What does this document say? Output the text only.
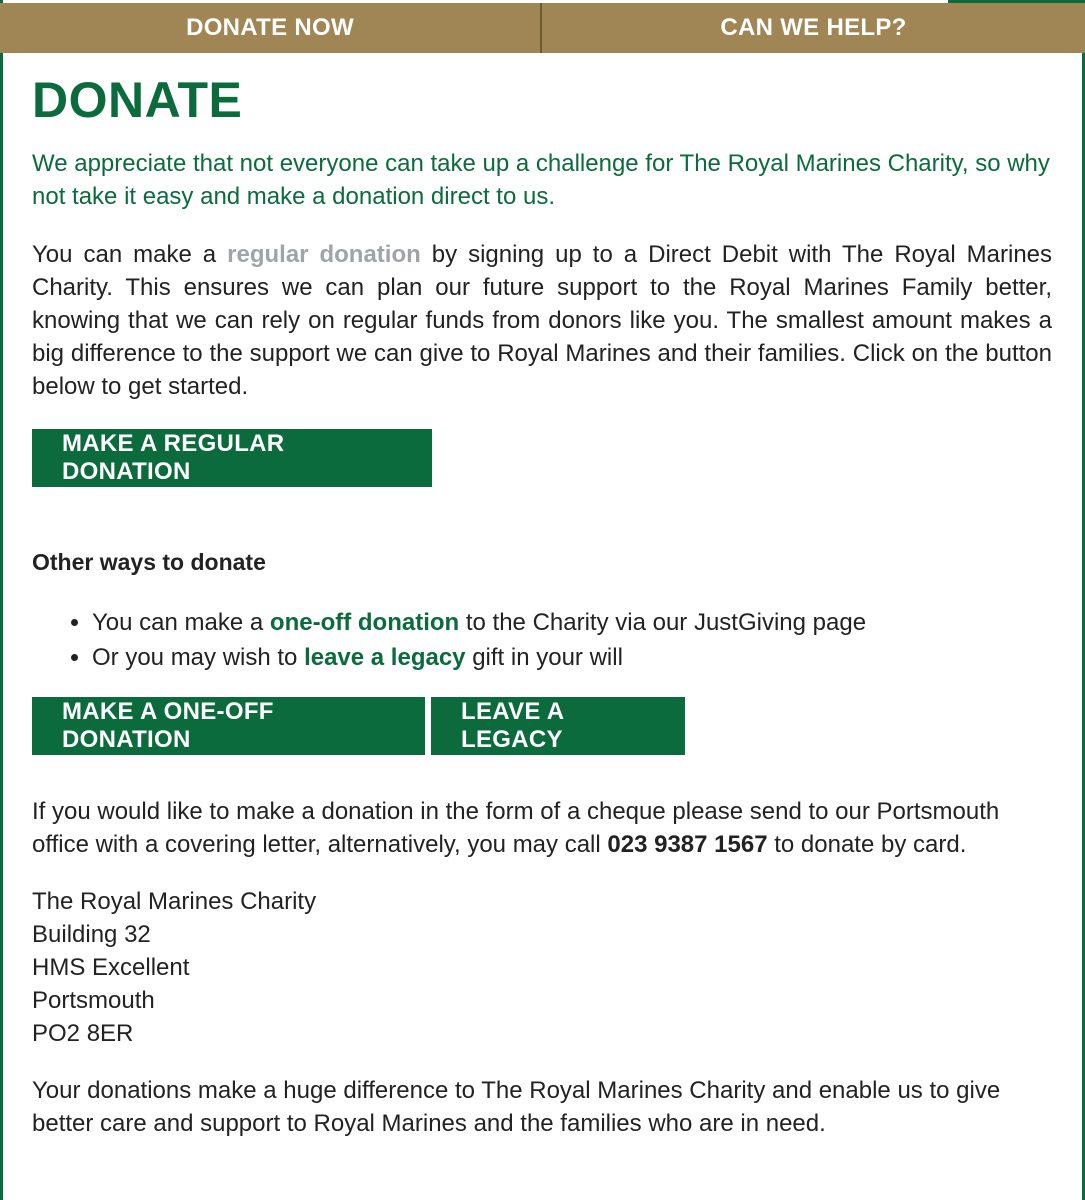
DONATE NOW	CAN WE HELP?
DONATE

We appreciate that not everyone can take up a challenge for The Royal Marines Charity, so why not take it easy and make a donation direct to us.

You can make a regular donation by signing up to a Direct Debit with The Royal Marines Charity. This ensures we can plan our future support to the Royal Marines Family better, knowing that we can rely on regular funds from donors like you. The smallest amount makes a big difference to the support we can give to Royal Marines and their families. Click on the button below to get started.

MAKE A REGULAR DONATION
Other ways to donate
• You can make a one-off donation to the Charity via our JustGiving page
• Or you may wish to leave a legacy gift in your will
MAKE A ONE-OFF DONATION
LEAVE A LEGACY

If you would like to make a donation in the form of a cheque please send to our Portsmouth office with a covering letter, alternatively, you may call 023 9387 1567 to donate by card.

The Royal Marines Charity
Building 32
HMS Excellent
Portsmouth
PO2 8ER

Your donations make a huge difference to The Royal Marines Charity and enable us to give better care and support to Royal Marines and the families who are in need.
